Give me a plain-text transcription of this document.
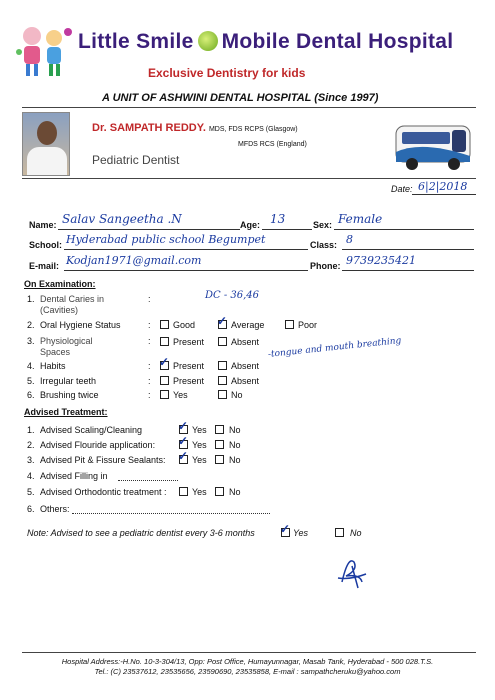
Little Smile Mobile Dental Hospital
Exclusive Dentistry for kids
A UNIT OF ASHWINI DENTAL HOSPITAL (Since 1997)
Dr. SAMPATH REDDY. MDS, FDS RCPS (Glasgow)
MFDS RCS (England)
Pediatric Dentist
Date: 6|2|2018
Name: Salav Sangeetha .N	Age: 13	Sex: Female
School: Hyderabad public school Begumpet	Class: 8
E-mail: Kodjan1971@gmail.com	Phone: 9739235421
On Examination:
1. Dental Caries in
(Cavities)
:	DC - 36,46
2. Oral Hygiene Status	: Good ✓ Average	Poor
3. Physiological
Spaces
: Present	Absent
4. Habits	: ✓ Present	Absent
-tongue and mouth breathing
5. Irregular teeth	: Present	Absent
6. Brushing twice	: Yes	No
Advised Treatment:
1. Advised Scaling/Cleaning	✓ Yes No
2. Advised Flouride application: ✓ Yes No
3. Advised Pit & Fissure Sealants: ✓ Yes No
4. Advised Filling in
5. Advised Orthodontic treatment :	Yes No
6. Others:
Note: Advised to see a pediatric dentist every 3-6 months ✓ Yes	No
Hospital Address:-H.No. 10-3-304/13, Opp: Post Office, Humayunnagar, Masab Tank, Hyderabad - 500 028.T.S.
Tel.: (C) 23537612, 23535656, 23590690, 23535858, E-mail : sampathcheruku@yahoo.com
